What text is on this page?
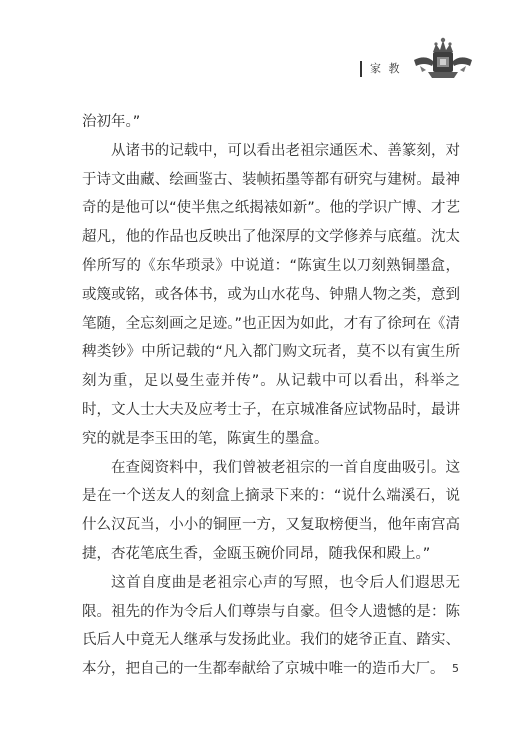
家 教

治初年。”

从诸书的记载中，可以看出老祖宗通医术、善篆刻，对于诗文曲藏、绘画鉴古、装帧拓墨等都有研究与建树。最神奇的是他可以“使半焦之纸揭裱如新”。他的学识广博、才艺超凡，他的作品也反映出了他深厚的文学修养与底蕴。沈太侔所写的《东华琐录》中说道：“陈寅生以刀刻熟铜墨盒，或篾或铭，或各体书，或为山水花鸟、钟鼎人物之类，意到笔随，全忘刻画之足迹。”也正因为如此，才有了徐珂在《清稗类钞》中所记载的“凡入都门购文玩者，莫不以有寅生所刻为重，足以曼生壶并传”。从记载中可以看出，科举之时，文人士大夫及应考士子，在京城准备应试物品时，最讲究的就是李玉田的笔，陈寅生的墨盒。

在查阅资料中，我们曾被老祖宗的一首自度曲吸引。这是在一个送友人的刻盒上摘录下来的：“说什么端溪石，说什么汉瓦当，小小的铜匣一方，又复取榜便当，他年南宫高捷，杏花笔底生香，金瓯玉碗价同昂，随我保和殿上。”

这首自度曲是老祖宗心声的写照，也令后人们遐思无限。祖先的作为令后人们尊崇与自豪。但令人遗憾的是：陈氏后人中竟无人继承与发扬此业。我们的姥爷正直、踏实、本分，把自己的一生都奉献给了京城中唯一的造币大厂。 5
